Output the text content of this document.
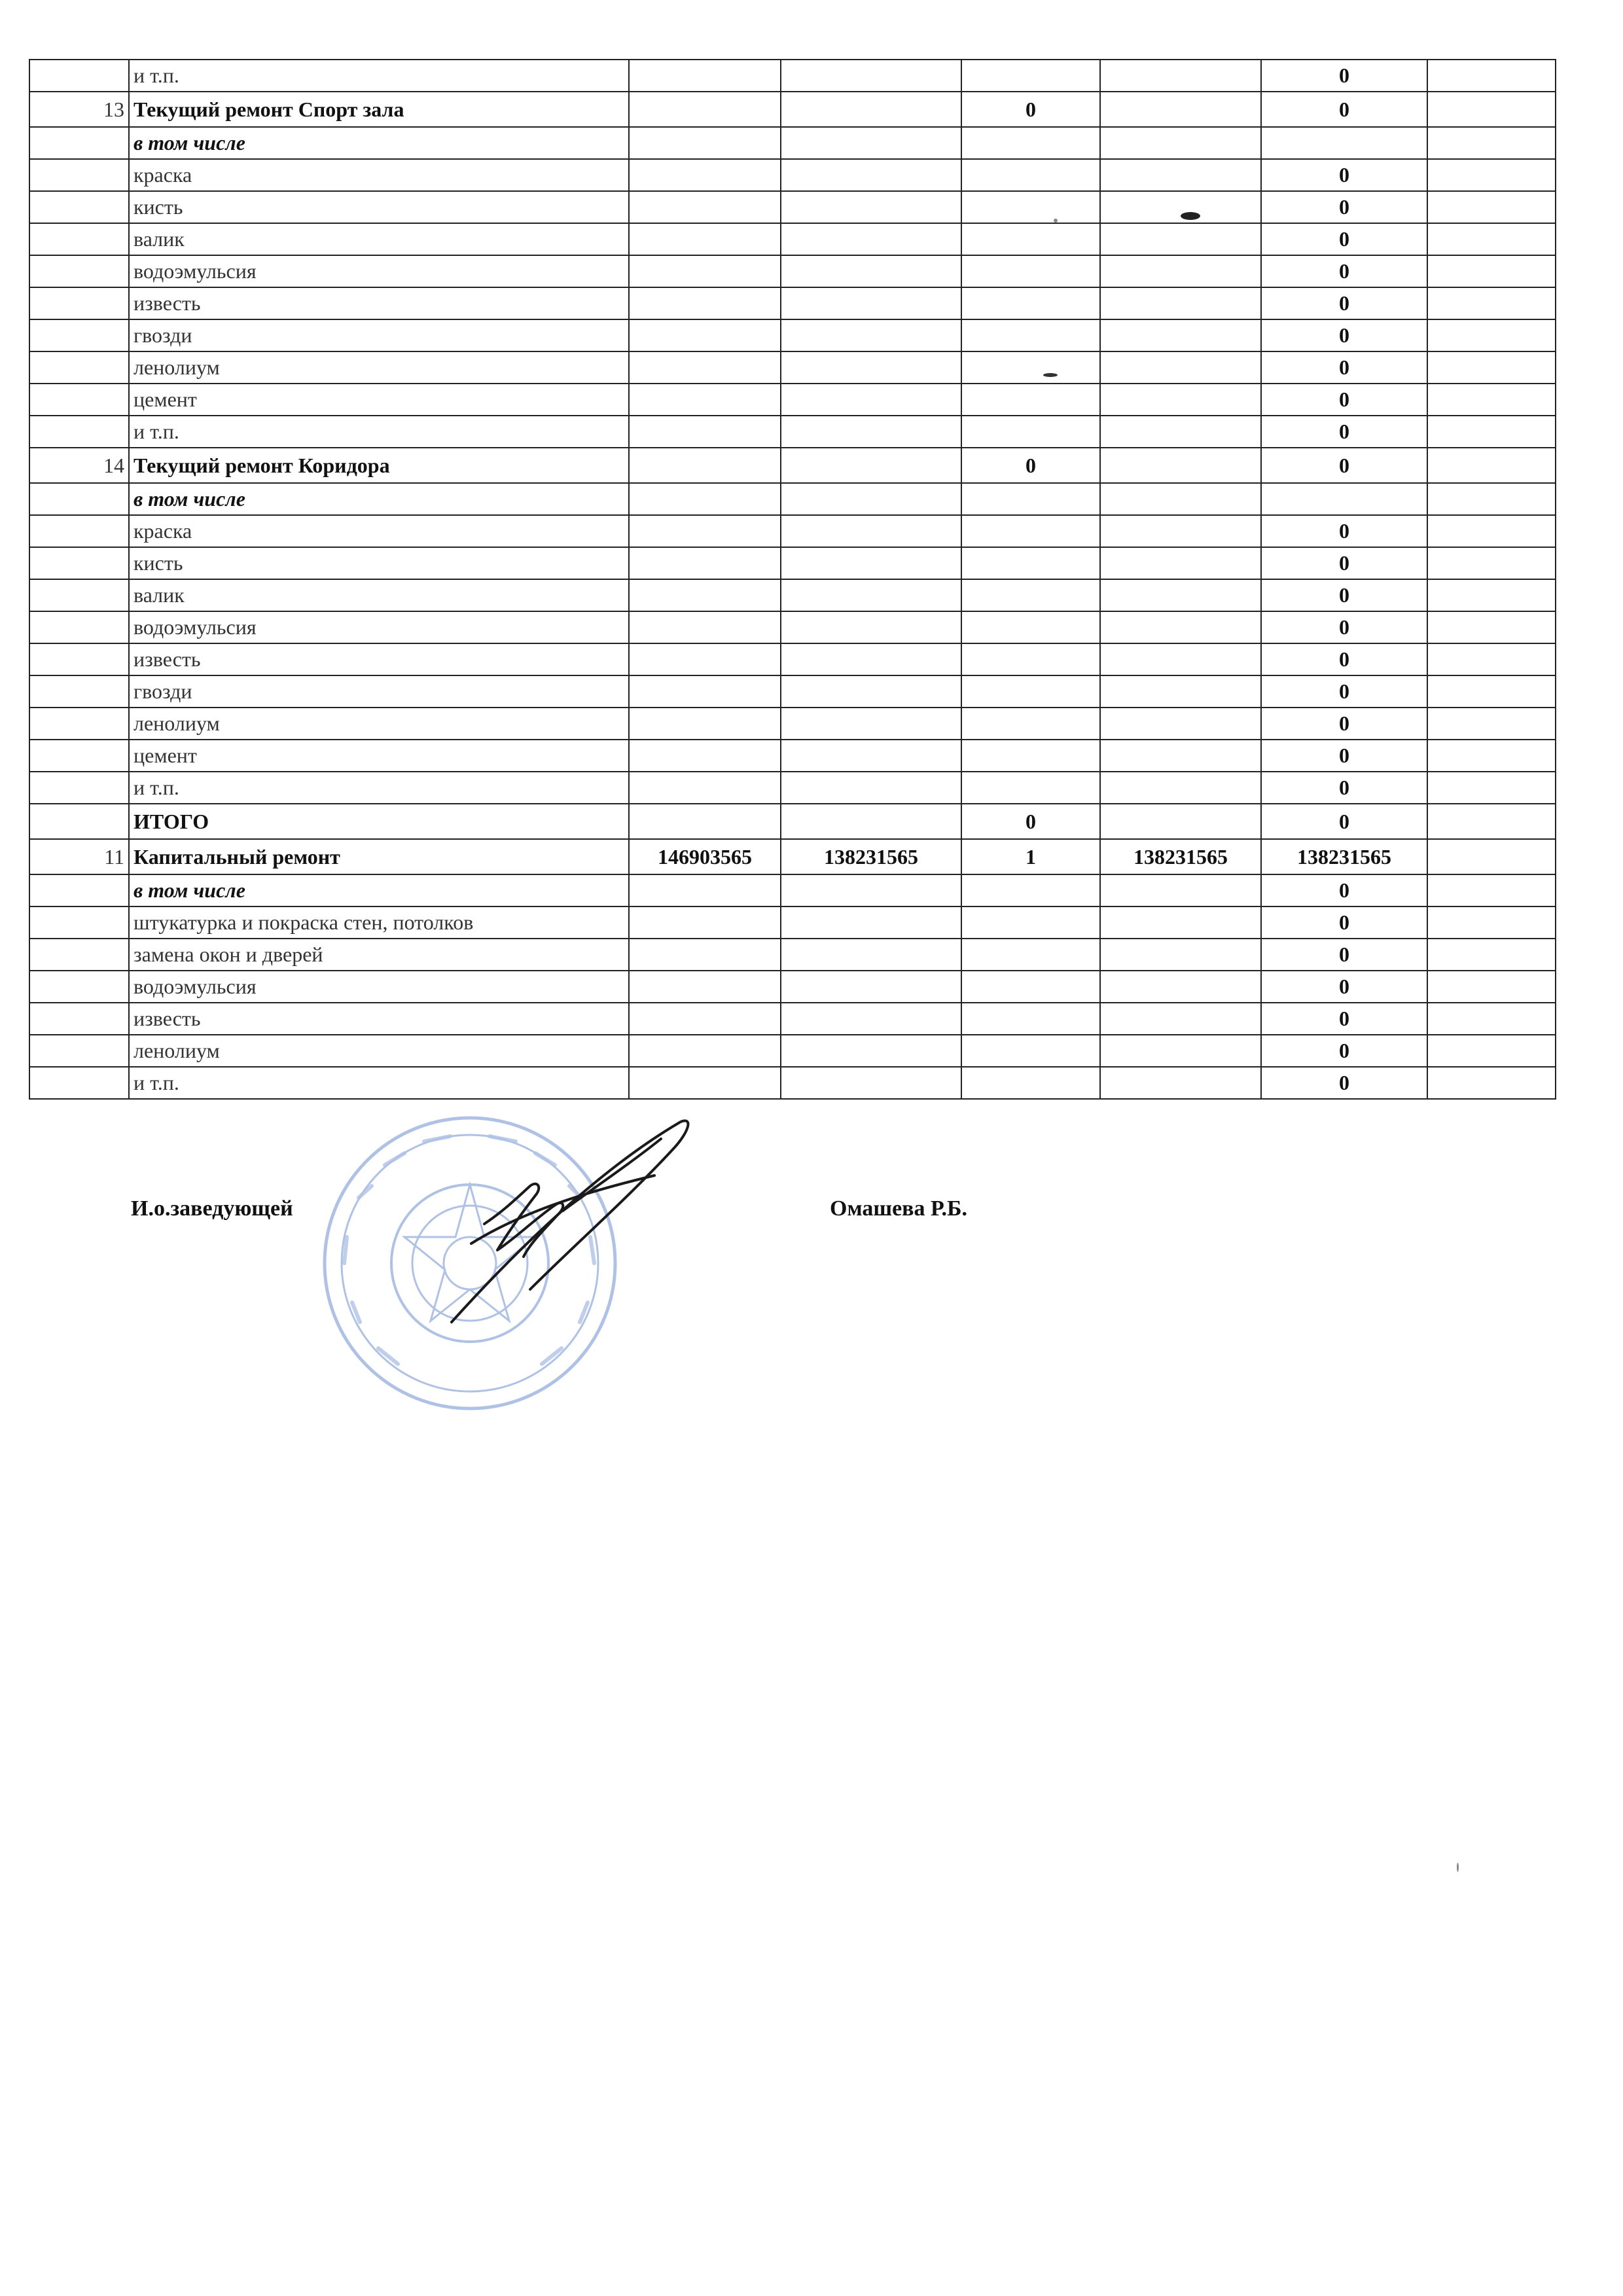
	и т.п.					0	
13	Текущий ремонт Спорт зала			0		0	
	в том числе						
	краска					0	
	кисть					0	
	валик					0	
	водоэмульсия					0	
	известь					0	
	гвозди					0	
	ленолиум					0	
	цемент					0	
	и т.п.					0	
14	Текущий ремонт Коридора			0		0	
	в том числе						
	краска					0	
	кисть					0	
	валик					0	
	водоэмульсия					0	
	известь					0	
	гвозди					0	
	ленолиум					0	
	цемент					0	
	и т.п.					0	
	ИТОГО			0		0	
11	Капитальный ремонт	146903565	138231565	1	138231565	138231565	
	в том числе					0	
	штукатурка и покраска стен, потолков					0	
	замена окон и дверей					0	
	водоэмульсия					0	
	известь					0	
	ленолиум					0	
	и т.п.					0	
И.о.заведующей	Омашева Р.Б.
